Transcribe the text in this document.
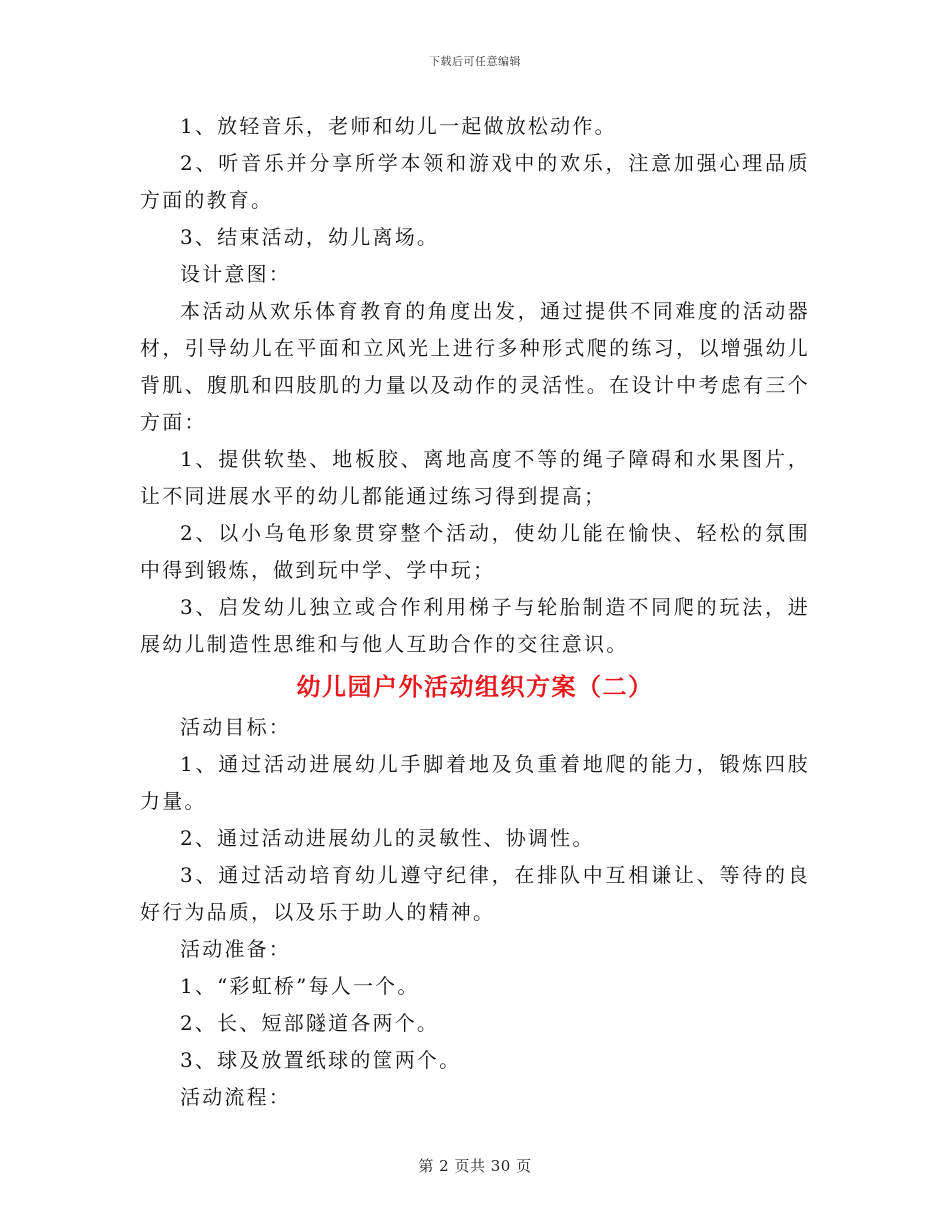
下载后可任意编辑

1、放轻音乐，老师和幼儿一起做放松动作。

2、听音乐并分享所学本领和游戏中的欢乐，注意加强心理品质方面的教育。

3、结束活动，幼儿离场。

设计意图：

本活动从欢乐体育教育的角度出发，通过提供不同难度的活动器材，引导幼儿在平面和立风光上进行多种形式爬的练习，以增强幼儿背肌、腹肌和四肢肌的力量以及动作的灵活性。在设计中考虑有三个方面：

1、提供软垫、地板胶、离地高度不等的绳子障碍和水果图片，让不同进展水平的幼儿都能通过练习得到提高；

2、以小乌龟形象贯穿整个活动，使幼儿能在愉快、轻松的氛围中得到锻炼，做到玩中学、学中玩；

3、启发幼儿独立或合作利用梯子与轮胎制造不同爬的玩法，进展幼儿制造性思维和与他人互助合作的交往意识。

幼儿园户外活动组织方案（二）

活动目标：

1、通过活动进展幼儿手脚着地及负重着地爬的能力，锻炼四肢力量。

2、通过活动进展幼儿的灵敏性、协调性。

3、通过活动培育幼儿遵守纪律，在排队中互相谦让、等待的良好行为品质，以及乐于助人的精神。

活动准备：

1、“彩虹桥”每人一个。

2、长、短部隧道各两个。

3、球及放置纸球的筐两个。

活动流程：

第 2 页共 30 页
